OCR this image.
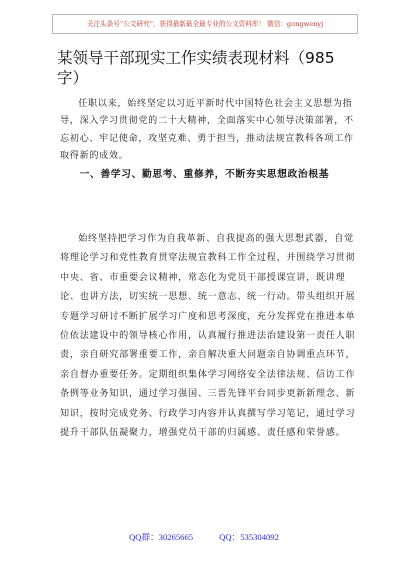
关注头条号“公文研究”，获得最新最全最专业的公文资料库！ 微信：gongwenyj
某领导干部现实工作实绩表现材料（985字）

任职以来，始终坚定以习近平新时代中国特色社会主义思想为指导，深入学习贯彻党的二十大精神，全面落实中心领导决策部署，不忘初心、牢记使命，攻坚克难、勇于担当，推动法规宣教科各项工作取得新的成效。

一、善学习、勤思考、重修养，不断夯实思想政治根基

始终坚持把学习作为自我革新、自我提高的强大思想武器，自觉将理论学习和党性教育贯穿法规宣教科工作全过程，并围绕学习贯彻中央、省、市重要会议精神，常态化为党员干部授课宣讲，既讲理论、也讲方法，切实统一思想、统一意志、统一行动。带头组织开展专题学习研讨不断扩展学习广度和思考深度，充分发挥党在推进本单位依法建设中的领导核心作用，认真履行推进法治建设第一责任人职责，亲自研究部署重要工作，亲自解决重大问题亲自协调重点环节，亲自督办重要任务。定期组织集体学习网络安全法律法规、信访工作条例等业务知识，通过学习强国、三晋先锋平台同步更新新理念、新知识，按时完成党务、行政学习内容并认真撰写学习笔记，通过学习提升干部队伍凝聚力，增强党员干部的归属感、责任感和荣誉感。

QQ群：30265665	QQ：535304092
